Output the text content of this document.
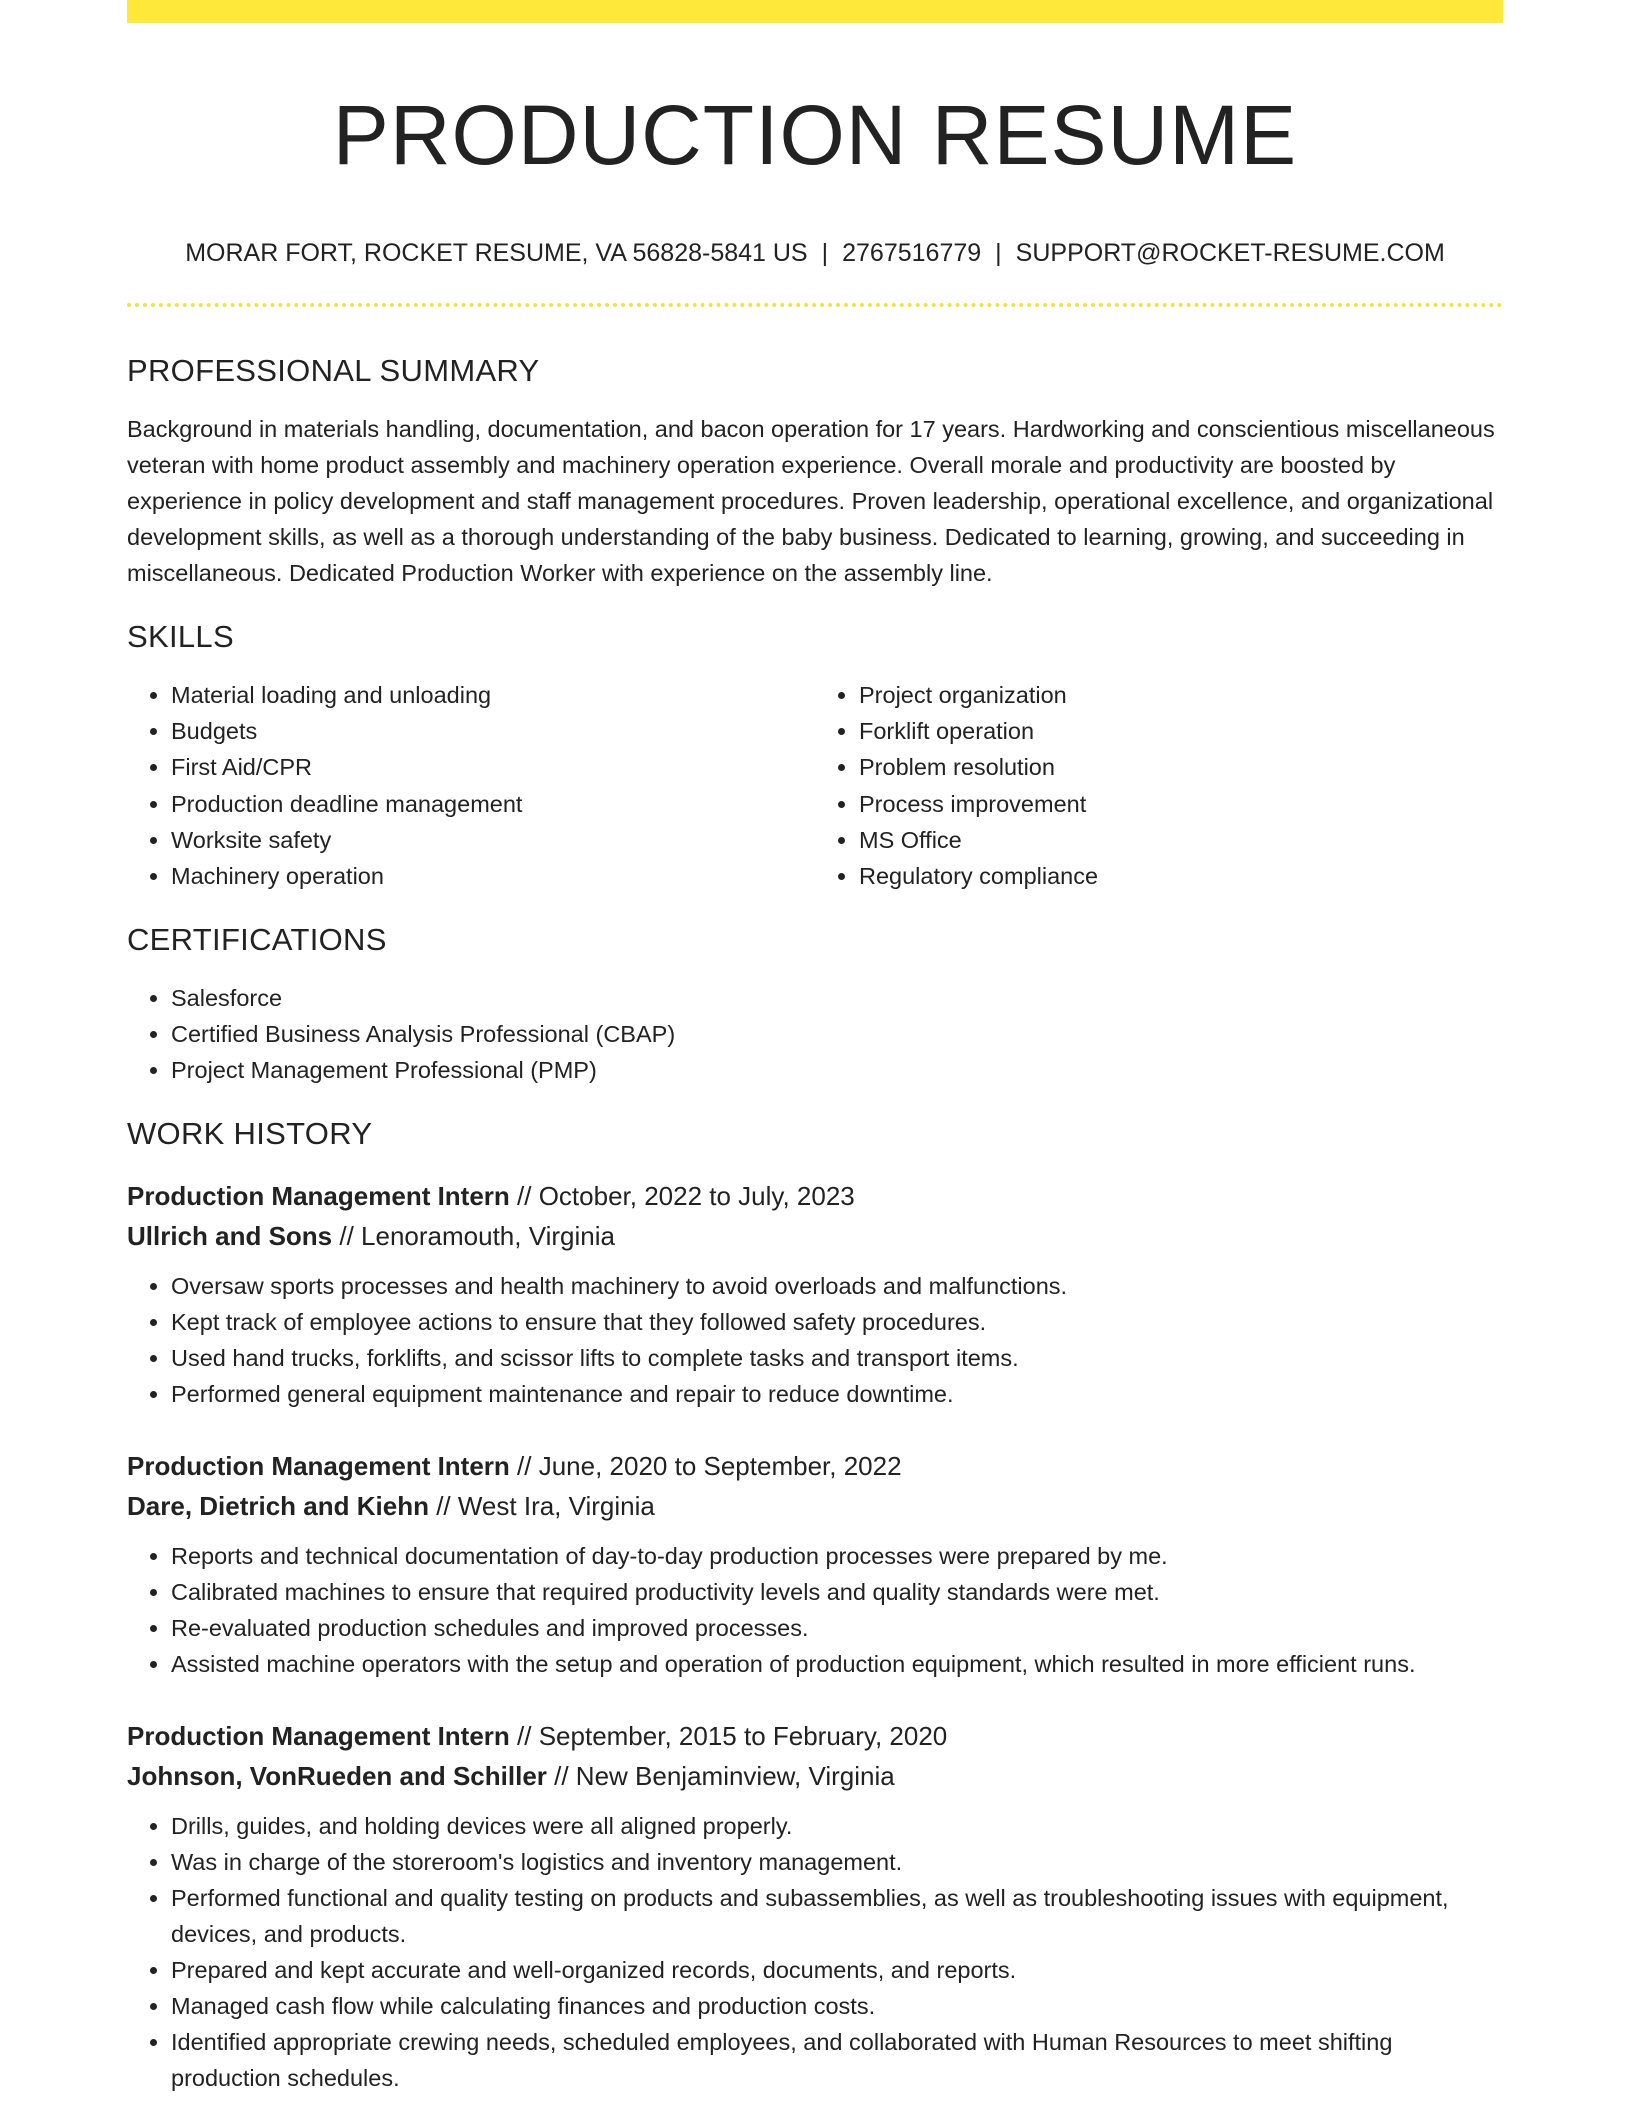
PRODUCTION RESUME
MORAR FORT, ROCKET RESUME, VA 56828-5841 US | 2767516779 | SUPPORT@ROCKET-RESUME.COM
PROFESSIONAL SUMMARY

Background in materials handling, documentation, and bacon operation for 17 years. Hardworking and conscientious miscellaneous veteran with home product assembly and machinery operation experience. Overall morale and productivity are boosted by experience in policy development and staff management procedures. Proven leadership, operational excellence, and organizational development skills, as well as a thorough understanding of the baby business. Dedicated to learning, growing, and succeeding in miscellaneous. Dedicated Production Worker with experience on the assembly line.

SKILLS
• Material loading and unloading
• Budgets
• First Aid/CPR
• Production deadline management
• Worksite safety
• Machinery operation
• Project organization
• Forklift operation
• Problem resolution
• Process improvement
• MS Office
• Regulatory compliance
CERTIFICATIONS
• Salesforce
• Certified Business Analysis Professional (CBAP)
• Project Management Professional (PMP)
WORK HISTORY
Production Management Intern // October, 2022 to July, 2023
Ullrich and Sons // Lenoramouth, Virginia
• Oversaw sports processes and health machinery to avoid overloads and malfunctions.
• Kept track of employee actions to ensure that they followed safety procedures.
• Used hand trucks, forklifts, and scissor lifts to complete tasks and transport items.
• Performed general equipment maintenance and repair to reduce downtime.
Production Management Intern // June, 2020 to September, 2022
Dare, Dietrich and Kiehn // West Ira, Virginia
• Reports and technical documentation of day-to-day production processes were prepared by me.
• Calibrated machines to ensure that required productivity levels and quality standards were met.
• Re-evaluated production schedules and improved processes.
• Assisted machine operators with the setup and operation of production equipment, which resulted in more efficient runs.
Production Management Intern // September, 2015 to February, 2020
Johnson, VonRueden and Schiller // New Benjaminview, Virginia
• Drills, guides, and holding devices were all aligned properly.
• Was in charge of the storeroom's logistics and inventory management.
• Performed functional and quality testing on products and subassemblies, as well as troubleshooting issues with equipment, devices, and products.
• Prepared and kept accurate and well-organized records, documents, and reports.
• Managed cash flow while calculating finances and production costs.
• Identified appropriate crewing needs, scheduled employees, and collaborated with Human Resources to meet shifting production schedules.
